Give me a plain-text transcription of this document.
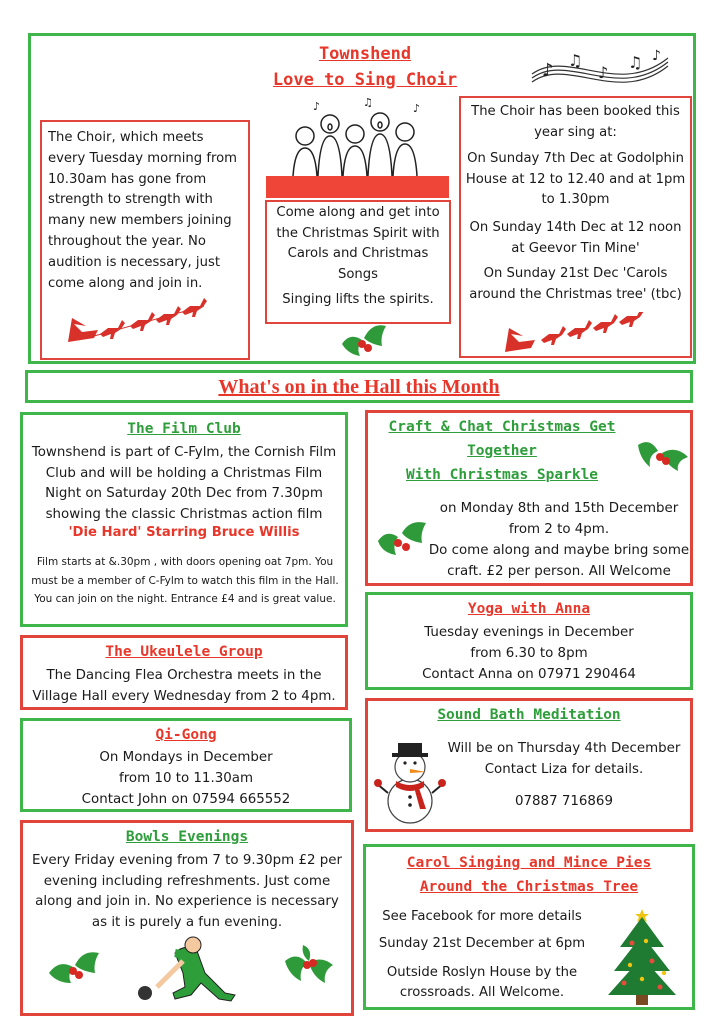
Townshend
Love to Sing Choir	♪ ♫
♪
♫ ♪
The Choir, which meets every Tuesday morning from 10.30am has gone from strength to strength with many new members joining throughout the year. No audition is necessary, just come along and join in.
♪	♫	♪
Come along and get into the Christmas Spirit with Carols and Christmas Songs
Singing lifts the spirits.
The Choir has been booked this year sing at:
On Sunday 7th Dec at Godolphin House at 12 to 12.40 and at 1pm to 1.30pm
On Sunday 14th Dec at 12 noon at Geevor Tin Mine'
On Sunday 21st Dec 'Carols around the Christmas tree' (tbc)
What's on in the Hall this Month
The Film Club
Townshend is part of C-Fylm, the Cornish Film Club and will be holding a Christmas Film Night on Saturday 20th Dec from 7.30pm showing the classic Christmas action film
'Die Hard' Starring Bruce Willis
Film starts at &.30pm , with doors opening oat 7pm. You must be a member of C-Fylm to watch this film in the Hall. You can join on the night. Entrance £4 and is great value.
The Ukeulele Group
The Dancing Flea Orchestra meets in the Village Hall every Wednesday from 2 to 4pm.
Qi-Gong
On Mondays in December
from 10 to 11.30am
Contact John on 07594 665552
Bowls Evenings
Every Friday evening from 7 to 9.30pm £2 per evening including refreshments. Just come along and join in. No experience is necessary as it is purely a fun evening.
Craft & Chat Christmas Get
Together
With Christmas Sparkle
on Monday 8th and 15th December
from 2 to 4pm.
Do come along and maybe bring some
craft. £2 per person. All Welcome
Yoga with Anna
Tuesday evenings in December
from 6.30 to 8pm
Contact Anna on 07971 290464
Sound Bath Meditation
Will be on Thursday 4th December
Contact Liza for details.
07887 716869
Carol Singing and Mince Pies
Around the Christmas Tree
See Facebook for more details
Sunday 21st December at 6pm
Outside Roslyn House by the crossroads. All Welcome.
